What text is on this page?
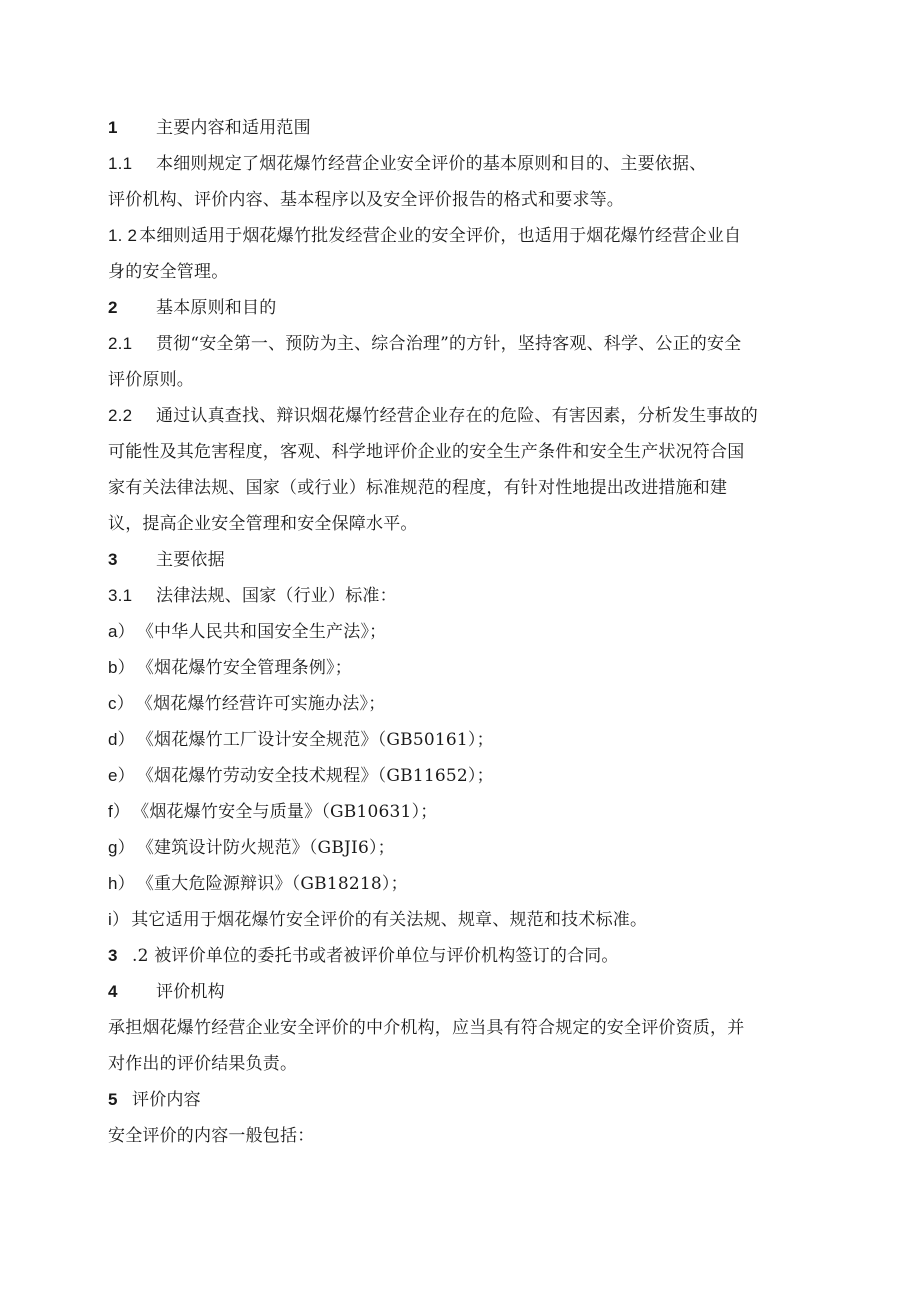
1 主要内容和适用范围
1.1 本细则规定了烟花爆竹经营企业安全评价的基本原则和目的、主要依据、
评价机构、评价内容、基本程序以及安全评价报告的格式和要求等。
1. 2 本细则适用于烟花爆竹批发经营企业的安全评价，也适用于烟花爆竹经营企业自
身的安全管理。
2 基本原则和目的
2.1 贯彻“安全第一、预防为主、综合治理”的方针，坚持客观、科学、公正的安全
评价原则。
2.2 通过认真查找、辩识烟花爆竹经营企业存在的危险、有害因素，分析发生事故的
可能性及其危害程度，客观、科学地评价企业的安全生产条件和安全生产状况符合国
家有关法律法规、国家（或行业）标准规范的程度，有针对性地提出改进措施和建
议，提高企业安全管理和安全保障水平。
3 主要依据
3.1 法律法规、国家（行业）标准：
a） 《中华人民共和国安全生产法》；
b） 《烟花爆竹安全管理条例》；
c） 《烟花爆竹经营许可实施办法》；
d） 《烟花爆竹工厂设计安全规范》（GB50161）；
e） 《烟花爆竹劳动安全技术规程》（GB11652）；
f） 《烟花爆竹安全与质量》（GB10631）；
g） 《建筑设计防火规范》（GBJI6）；
h） 《重大危险源辩识》（GB18218）；
i） 其它适用于烟花爆竹安全评价的有关法规、规章、规范和技术标准。
3 .2 被评价单位的委托书或者被评价单位与评价机构签订的合同。
4 评价机构
承担烟花爆竹经营企业安全评价的中介机构，应当具有符合规定的安全评价资质，并
对作出的评价结果负责。
5 评价内容
安全评价的内容一般包括：
